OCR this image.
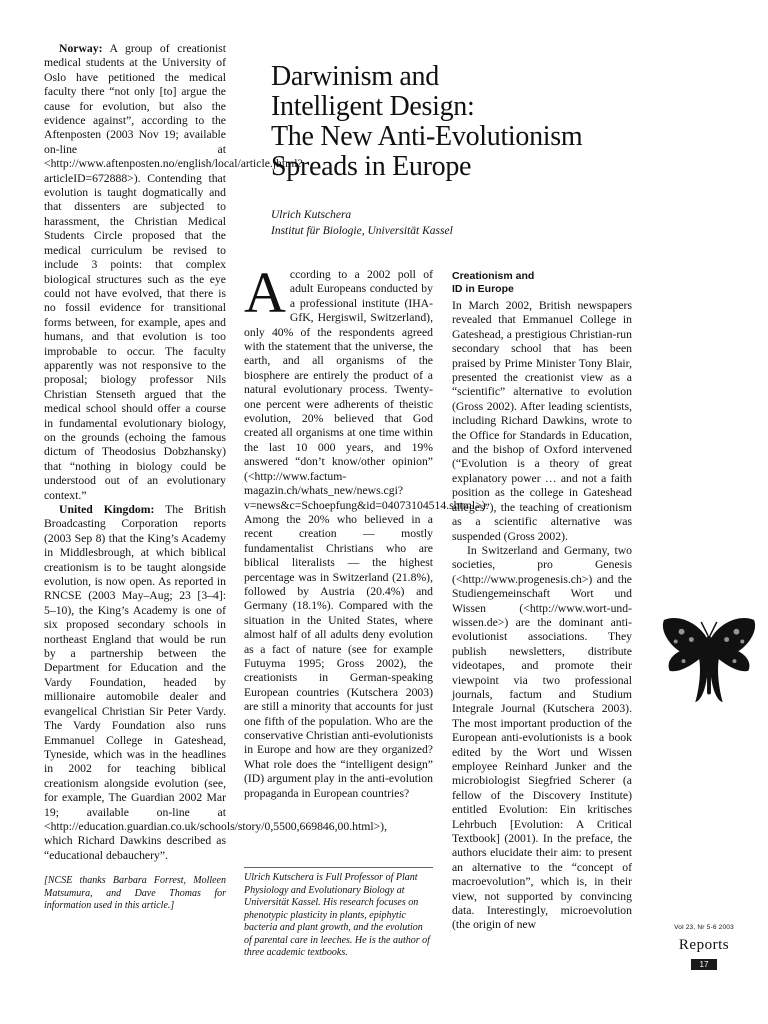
Norway: A group of creationist medical students at the University of Oslo have petitioned the medical faculty there “not only [to] argue the cause for evolution, but also the evidence against”, according to the Aftenposten (2003 Nov 19; available on-line at <http://www.aftenposten.no/english/local/article.jhtml?articleID=672888>). Contending that evolution is taught dogmatically and that dissenters are subjected to harassment, the Christian Medical Students Circle proposed that the medical curriculum be revised to include 3 points: that complex biological structures such as the eye could not have evolved, that there is no fossil evidence for transitional forms between, for example, apes and humans, and that evolution is too improbable to occur. The faculty apparently was not responsive to the proposal; biology professor Nils Christian Stenseth argued that the medical school should offer a course in fundamental evolutionary biology, on the grounds (echoing the famous dictum of Theodosius Dobzhansky) that “nothing in biology could be understood out of an evolutionary context.”

United Kingdom: The British Broadcasting Corporation reports (2003 Sep 8) that the King’s Academy in Middlesbrough, at which biblical creationism is to be taught alongside evolution, is now open. As reported in RNCSE (2003 May–Aug; 23 [3–4]: 5–10), the King’s Academy is one of six proposed secondary schools in northeast England that would be run by a partnership between the Department for Education and the Vardy Foundation, headed by millionaire automobile dealer and evangelical Christian Sir Peter Vardy. The Vardy Foundation also runs Emmanuel College in Gateshead, Tyneside, which was in the headlines in 2002 for teaching biblical creationism alongside evolution (see, for example, The Guardian 2002 Mar 19; available on-line at <http://education.guardian.co.uk/schools/story/0,5500,669846,00.html>), which Richard Dawkins described as “educational debauchery”.

[NCSE thanks Barbara Forrest, Molleen Matsumura, and Dave Thomas for information used in this article.]

Darwinism and
Intelligent Design:
The New Anti-Evolutionism
Spreads in Europe
Ulrich Kutschera
Institut für Biologie, Universität Kassel

According to a 2002 poll of adult Europeans conducted by a professional institute (IHA-GfK, Hergiswil, Switzerland), only 40% of the respondents agreed with the statement that the universe, the earth, and all organisms of the biosphere are entirely the product of a natural evolutionary process. Twenty-one percent were adherents of theistic evolution, 20% believed that God created all organisms at one time within the last 10 000 years, and 19% answered “don’t know/other opinion” (<http://www.factum-magazin.ch/whats_new/news.cgi?v=news&c=Schoepfung&id=04073104514.shtml>). Among the 20% who believed in a recent creation — mostly fundamentalist Christians who are biblical literalists — the highest percentage was in Switzerland (21.8%), followed by Austria (20.4%) and Germany (18.1%). Compared with the situation in the United States, where almost half of all adults deny evolution as a fact of nature (see for example Futuyma 1995; Gross 2002), the creationists in German-speaking European countries (Kutschera 2003) are still a minority that accounts for just one fifth of the population. Who are the conservative Christian anti-evolutionists in Europe and how are they organized? What role does the “intelligent design” (ID) argument play in the anti-evolution propaganda in European countries?

Ulrich Kutschera is Full Professor of Plant Physiology and Evolutionary Biology at Universität Kassel. His research focuses on phenotypic plasticity in plants, epiphytic bacteria and plant growth, and the evolution of parental care in leeches. He is the author of three academic textbooks.

Creationism and
ID in Europe

In March 2002, British newspapers revealed that Emmanuel College in Gateshead, a prestigious Christian-run secondary school that has been praised by Prime Minister Tony Blair, presented the creationist view as a “scientific” alternative to evolution (Gross 2002). After leading scientists, including Richard Dawkins, wrote to the Office for Standards in Education, and the bishop of Oxford intervened (“Evolution is a theory of great explanatory power … and not a faith position as the college in Gateshead alleges”), the teaching of creationism as a scientific alternative was suspended (Gross 2002).

In Switzerland and Germany, two societies, pro Genesis (<http://www.progenesis.ch>) and the Studiengemeinschaft Wort und Wissen (<http://www.wort-und-wissen.de>) are the dominant anti-evolutionist associations. They publish newsletters, distribute videotapes, and promote their viewpoint via two professional journals, factum and Studium Integrale Journal (Kutschera 2003). The most important production of the European anti-evolutionists is a book edited by the Wort und Wissen employee Reinhard Junker and the microbiologist Siegfried Scherer (a fellow of the Discovery Institute) entitled Evolution: Ein kritisches Lehrbuch [Evolution: A Critical Textbook] (2001). In the preface, the authors elucidate their aim: to present an alternative to the “concept of macroevolution”, which is, in their view, not supported by convincing data. Interestingly, microevolution (the origin of new	Vol 23, Nr 5-6 2003
Reports
17
